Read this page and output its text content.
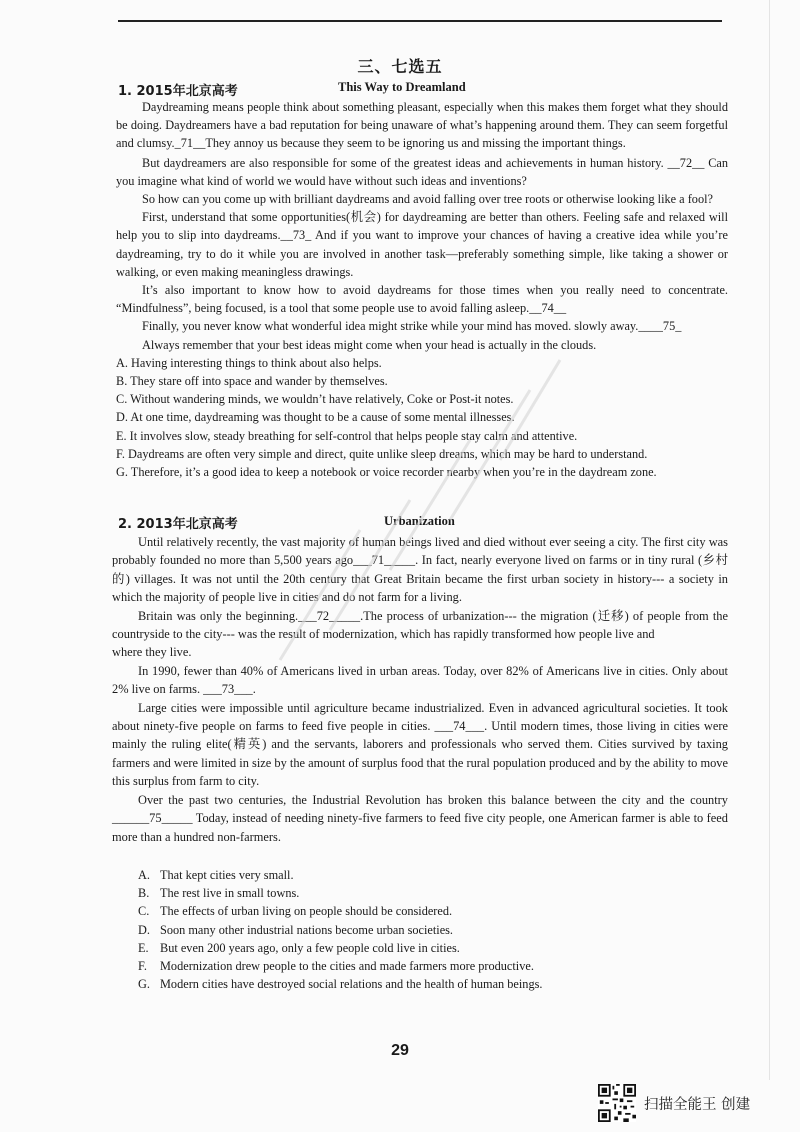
三、七选五
1. 2015年北京高考	This Way to Dreamland

Daydreaming means people think about something pleasant, especially when this makes them forget what they should be doing. Daydreamers have a bad reputation for being unaware of what’s happening around them. They can seem forgetful and clumsy._71__They annoy us because they seem to be ignoring us and missing the important things.

But daydreamers are also responsible for some of the greatest ideas and achievements in human history. __72__ Can you imagine what kind of world we would have without such ideas and inventions?

So how can you come up with brilliant daydreams and avoid falling over tree roots or otherwise looking like a fool?

First, understand that some opportunities(机会) for daydreaming are better than others. Feeling safe and relaxed will help you to slip into daydreams.__73_ And if you want to improve your chances of having a creative idea while you’re daydreaming, try to do it while you are involved in another task—preferably something simple, like taking a shower or walking, or even making meaningless drawings.

It’s also important to know how to avoid daydreams for those times when you really need to concentrate. “Mindfulness”, being focused, is a tool that some people use to avoid falling asleep.__74__

Finally, you never know what wonderful idea might strike while your mind has moved. slowly away.____75_

Always remember that your best ideas might come when your head is actually in the clouds.

A. Having interesting things to think about also helps.
B. They stare off into space and wander by themselves.
C. Without wandering minds, we wouldn’t have relatively, Coke or Post-it notes.
D. At one time, daydreaming was thought to be a cause of some mental illnesses.
E. It involves slow, steady breathing for self-control that helps people stay calm and attentive.
F. Daydreams are often very simple and direct, quite unlike sleep dreams, which may be hard to understand.
G. Therefore, it’s a good idea to keep a notebook or voice recorder nearby when you’re in the daydream zone.
2. 2013年北京高考	Urbanization

Until relatively recently, the vast majority of human beings lived and died without ever seeing a city. The first city was probably founded no more than 5,500 years ago___71_____. In fact, nearly everyone lived on farms or in tiny rural (乡村的) villages. It was not until the 20th century that Great Britain became the first urban society in history--- a society in which the majority of people live in cities and do not farm for a living.

Britain was only the beginning.___72_____.The process of urbanization--- the migration (迁移) of people from the countryside to the city--- was the result of modernization, which has rapidly transformed how people live and

where they live.

In 1990, fewer than 40% of Americans lived in urban areas. Today, over 82% of Americans live in cities. Only about 2% live on farms. ___73___.

Large cities were impossible until agriculture became industrialized. Even in advanced agricultural societies. It took about ninety-five people on farms to feed five people in cities. ___74___. Until modern times, those living in cities were mainly the ruling elite(精英) and the servants, laborers and professionals who served them. Cities survived by taxing farmers and were limited in size by the amount of surplus food that the rural population produced and by the ability to move this surplus from farm to city.

Over the past two centuries, the Industrial Revolution has broken this balance between the city and the country ______75_____ Today, instead of needing ninety-five farmers to feed five city people, one American farmer is able to feed more than a hundred non-farmers.

A. That kept cities very small.
B. The rest live in small towns.
C. The effects of urban living on people should be considered.
D. Soon many other industrial nations become urban societies.
E. But even 200 years ago, only a few people cold live in cities.
F. Modernization drew people to the cities and made farmers more productive.
G. Modern cities have destroyed social relations and the health of human beings.
29
扫描全能王 创建
